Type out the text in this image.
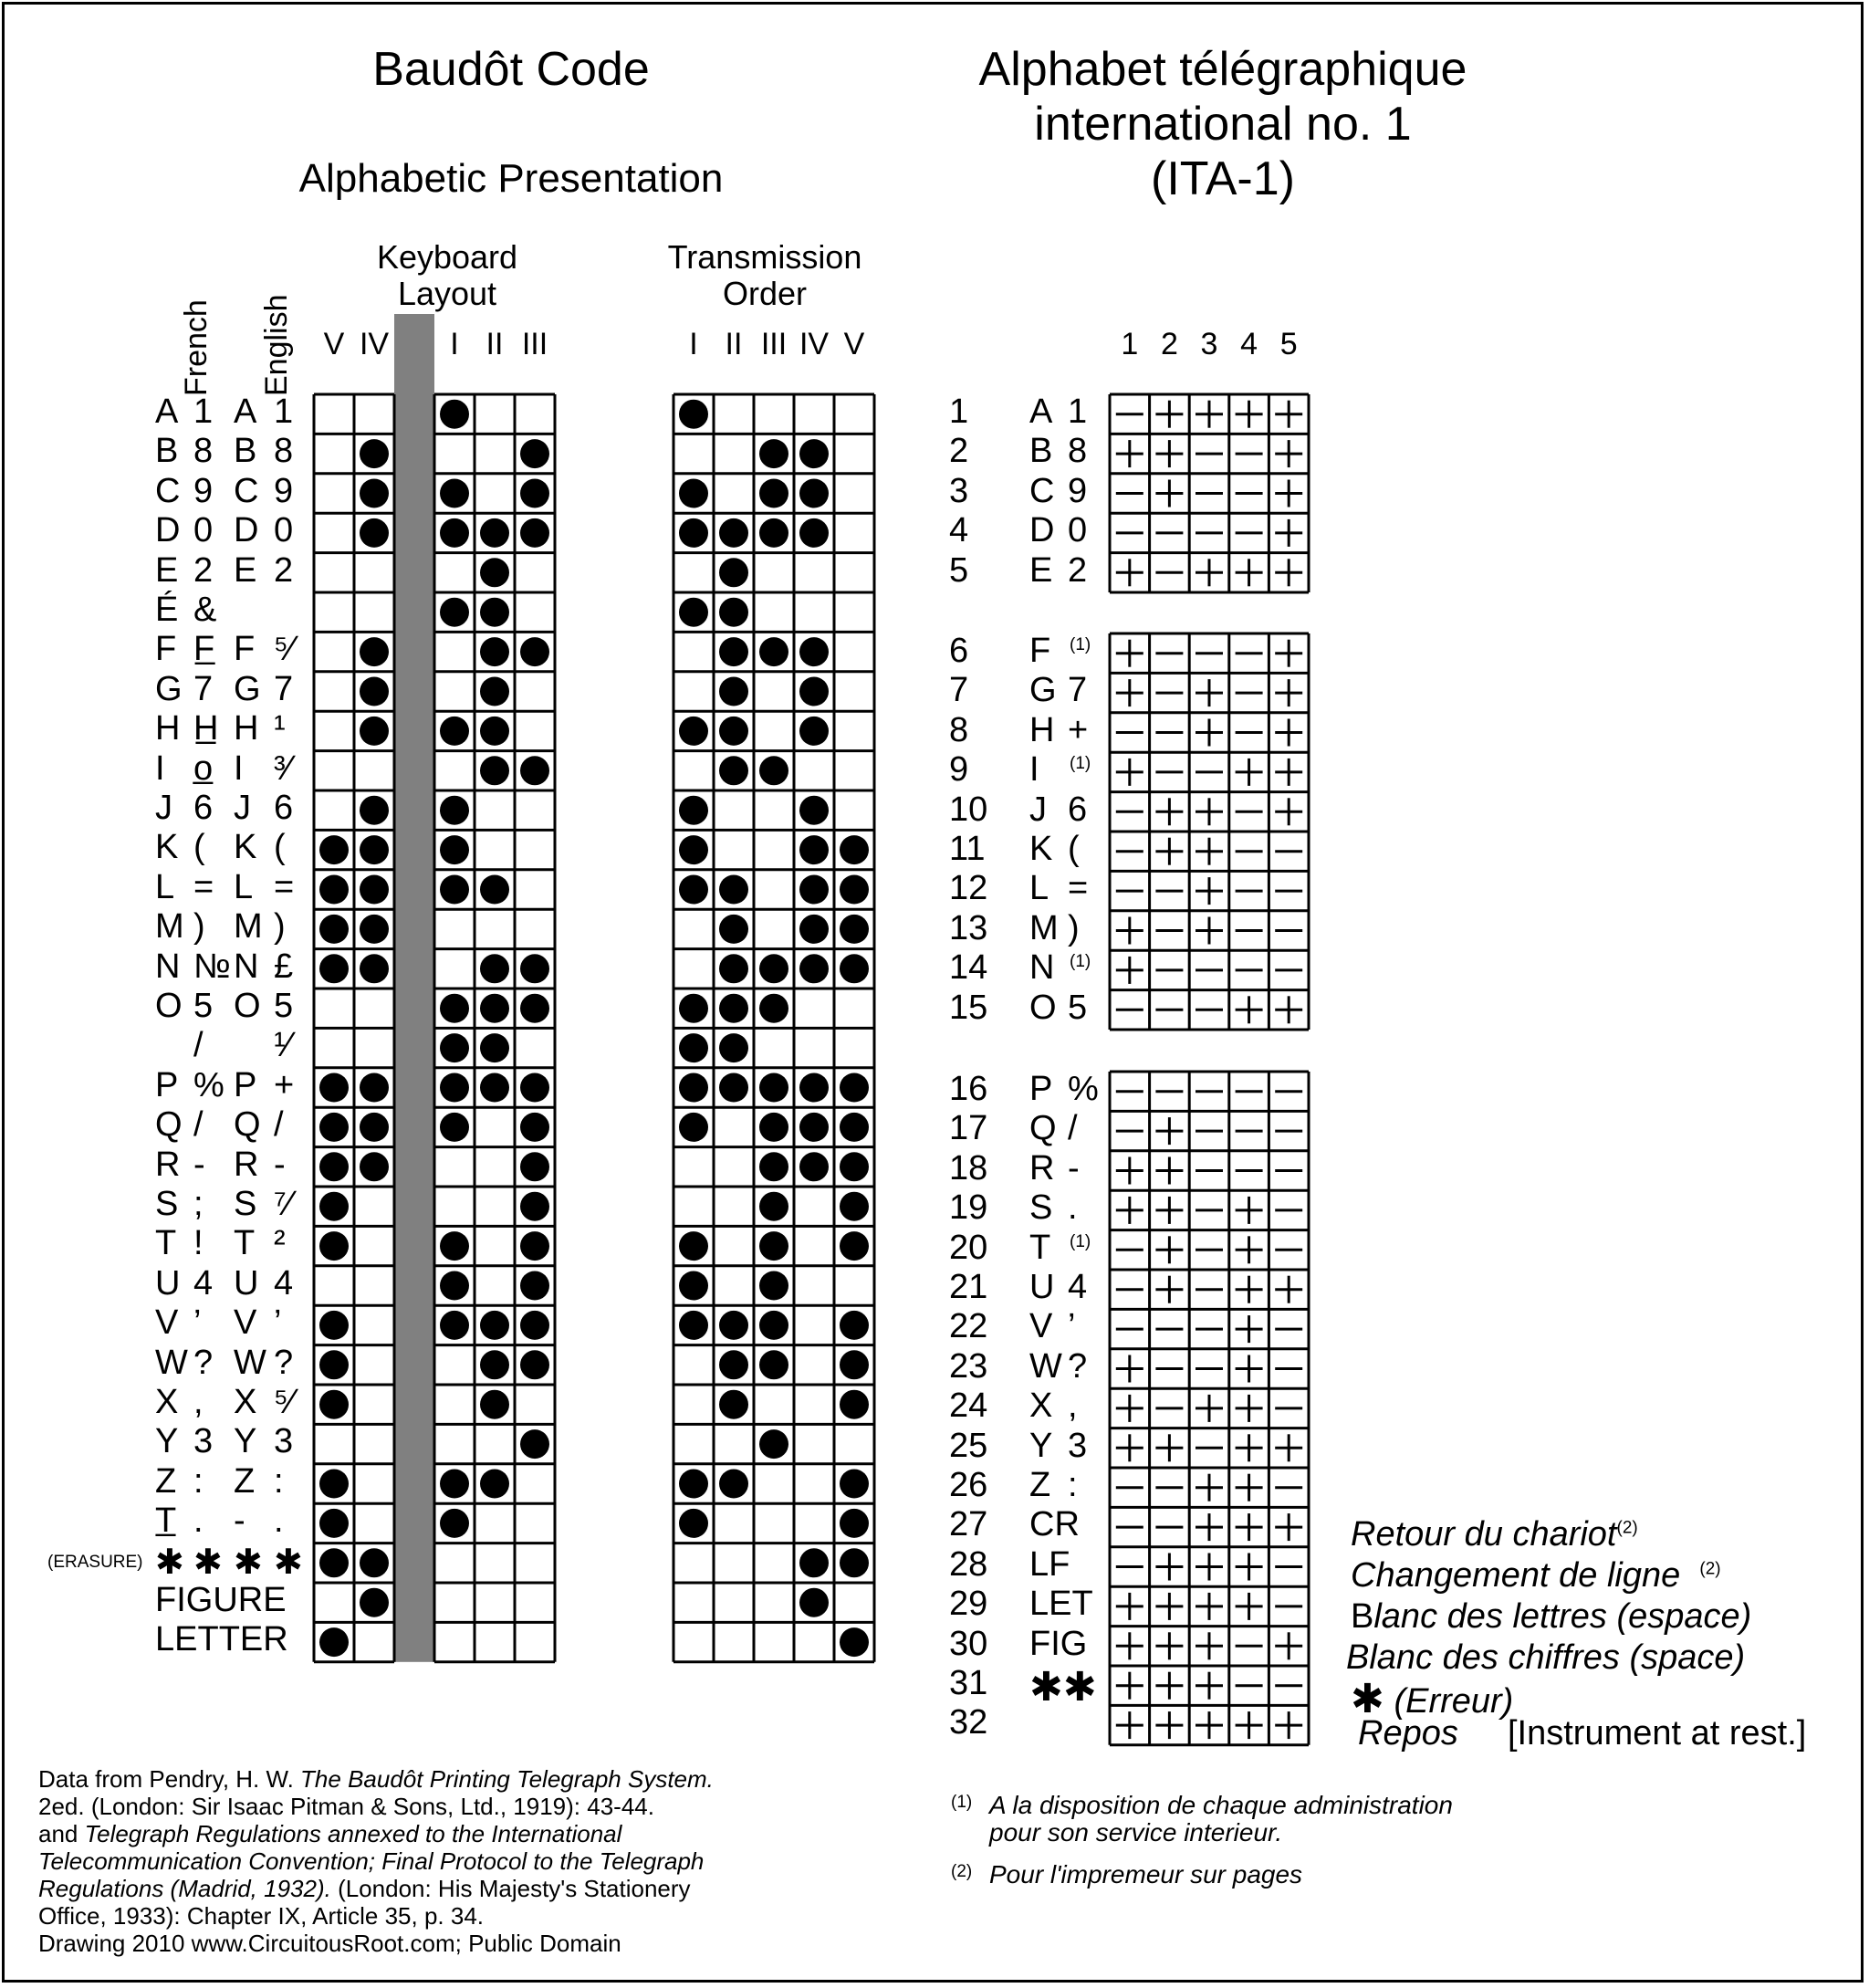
Baudôt Code
Alphabetic Presentation
Alphabet télégraphique
international no. 1
(ITA-1)
French English
Keyboard
Layout
Transmission
Order
A 1 A 1
B 8 B 8
C 9 C 9
D 0 D 0
E 2 E 2
É &
F F̲ F ⁵⁄
G 7 G 7
H H̲ H ¹
I o̲ I ³⁄
J 6 J 6
K ( K (
L = L =
M ) M )
N № N £
O 5 O 5
/ ¹⁄
P % P +
Q / Q /
R - R -
S ; S ⁷⁄
T ! T ²
U 4 U 4
V ’ V ’
W ? W ?
X , X ⁵⁄
Y 3 Y 3
Z : Z :
T̲ . - .
✱ ✱ ✱ ✱
FIGURE
LETTER
(ERASURE)
V IV I II III	I II III IV V	1 2 3 4 5
1 A 1
2 B 8
3 C 9
4 D 0
5 E 2
6 F (1)
7 G 7
8 H +
9 I (1)
10 J 6
11 K (
12 L =
13 M )
14 N (1)
15 O 5
16 P %
17 Q /
18 R -
19 S .
20 T (1)
21 U 4
22 V ’
23 W ?
24 X ,
25 Y 3
26 Z :
27 CR
28 LF
29 LET
30 FIG
31 ✱✱
32
Retour du chariot$^{(2)}$
Changement de ligne $^{(2)}$
Blanc des lettres (espace)
Blanc des chiffres (space)
✱ (Erreur)
Repos [Instrument at rest.]
(1) A la disposition de chaque administration
pour son service interieur.
(2) Pour l'impremeur sur pages
Data from Pendry, H. W. The Baudôt Printing Telegraph System.
2ed. (London: Sir Isaac Pitman & Sons, Ltd., 1919): 43-44.
and Telegraph Regulations annexed to the International
Telecommunication Convention; Final Protocol to the Telegraph
Regulations (Madrid, 1932). (London: His Majesty's Stationery
Office, 1933): Chapter IX, Article 35, p. 34.
Drawing 2010 www.CircuitousRoot.com; Public Domain
